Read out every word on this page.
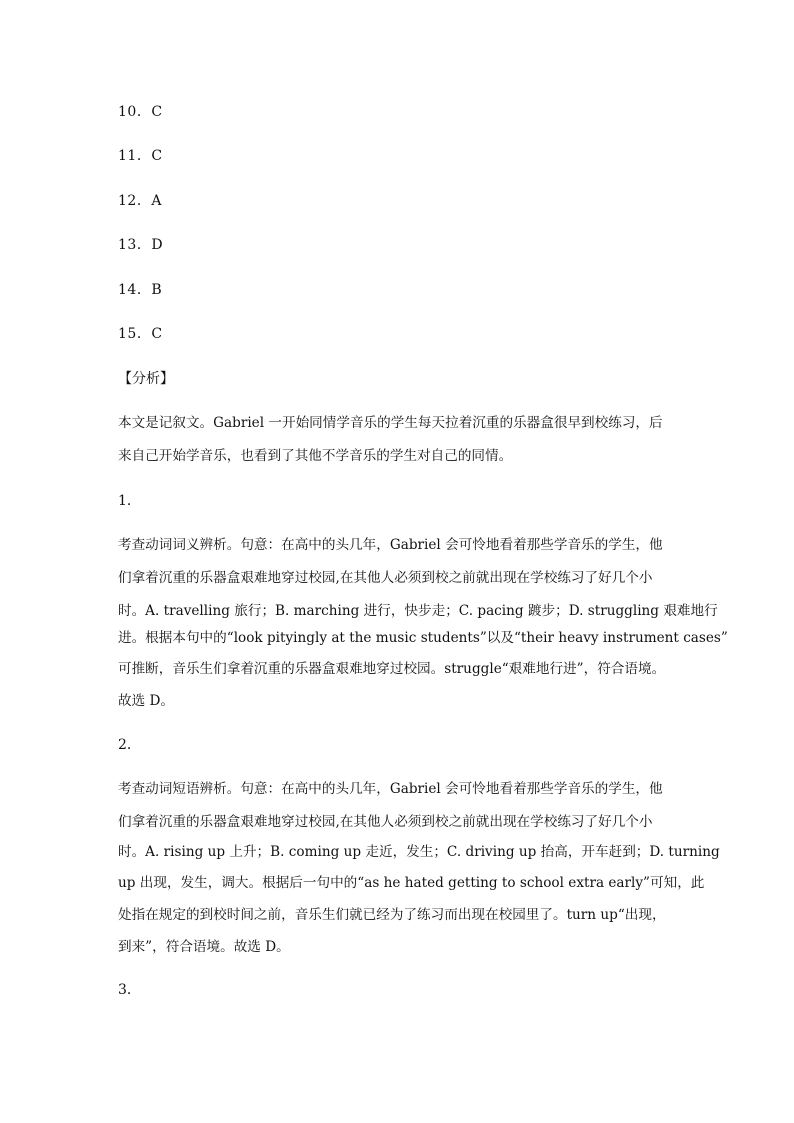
10．C
11．C
12．A
13．D
14．B
15．C
【分析】
本文是记叙文。Gabriel 一开始同情学音乐的学生每天拉着沉重的乐器盒很早到校练习，后
来自己开始学音乐，也看到了其他不学音乐的学生对自己的同情。
1．
考查动词词义辨析。句意：在高中的头几年，Gabriel 会可怜地看着那些学音乐的学生，他
们拿着沉重的乐器盒艰难地穿过校园,在其他人必须到校之前就出现在学校练习了好几个小
时。A. travelling 旅行；B. marching 进行，快步走；C. pacing 踱步；D. struggling 艰难地行
进。根据本句中的“look pityingly at the music students”以及“their heavy instrument cases”
可推断，音乐生们拿着沉重的乐器盒艰难地穿过校园。struggle“艰难地行进”，符合语境。
故选 D。
2．
考查动词短语辨析。句意：在高中的头几年，Gabriel 会可怜地看着那些学音乐的学生，他
们拿着沉重的乐器盒艰难地穿过校园,在其他人必须到校之前就出现在学校练习了好几个小
时。A. rising up 上升；B. coming up 走近，发生；C. driving up 抬高，开车赶到；D. turning
up 出现，发生，调大。根据后一句中的“as he hated getting to school extra early”可知，此
处指在规定的到校时间之前，音乐生们就已经为了练习而出现在校园里了。turn up“出现，
到来”，符合语境。故选 D。
3．
